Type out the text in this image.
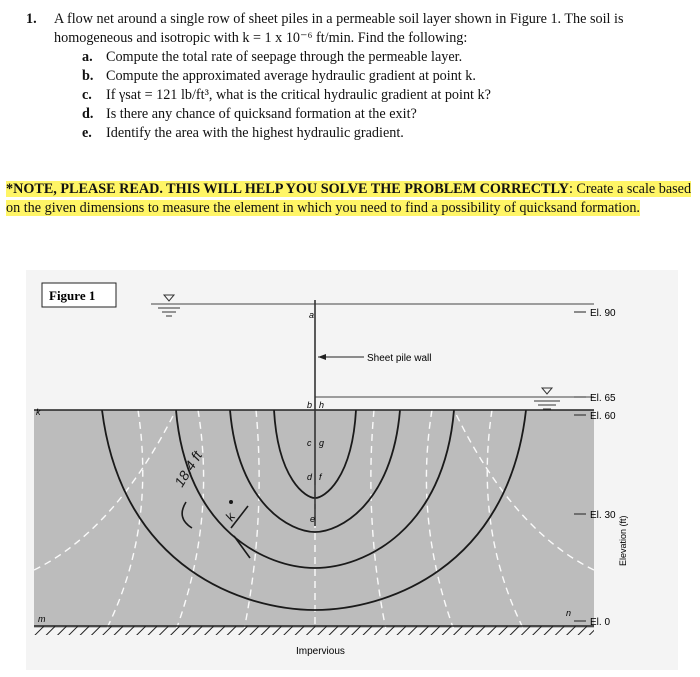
1. A flow net around a single row of sheet piles in a permeable soil layer shown in Figure 1. The soil is
homogeneous and isotropic with k = 1 x 10⁻⁶ ft/min. Find the following:
a. Compute the total rate of seepage through the permeable layer.
b. Compute the approximated average hydraulic gradient at point k.
c. If γsat = 121 lb/ft³, what is the critical hydraulic gradient at point k?
d. Is there any chance of quicksand formation at the exit?
e. Identify the area with the highest hydraulic gradient.
*NOTE, PLEASE READ. THIS WILL HELP YOU SOLVE THE PROBLEM CORRECTLY: Create a scale based on the given dimensions to measure the element in which you need to find a possibility of quicksand formation.
Sheet pile wall
El. 90
El. 65
El. 60
El. 30
El. 0
Elevation (ft)
a
b h
c g
d f
e
k
m
n
18.4 ft
k
Figure 1
Impervious
